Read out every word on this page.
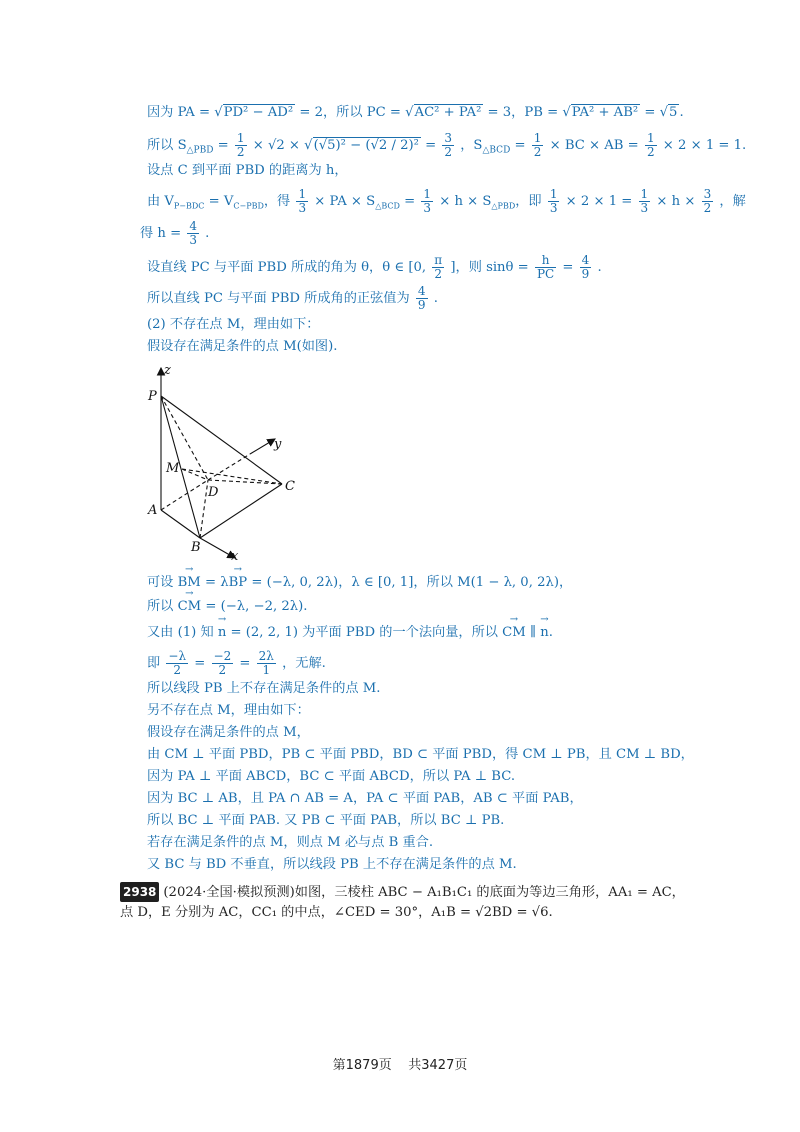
因为 PA = √PD² − AD² = 2，所以 PC = √AC² + PA² = 3，PB = √PA² + AB² = √5 .
所以 $S_{\triangle PBD} = \frac{1}{2} \times √2 \times √(√5)^2 - (√2 / 2)^2 = \frac{3}{2}$ ，$S_{\triangle BCD} = \frac{1}{2}$ × BC × AB = $\frac{1}{2} \times 2 \times 1 = 1$.
设点 C 到平面 PBD 的距离为 h，
由 $V_{P-BDC} = V_{C-PBD}$，得 $\frac{1}{3}$ × PA × $S_{\triangle BCD} = \frac{1}{3} \times h \times S_{\triangle PBD}$，即 $\frac{1}{3} \times 2 \times 1 = \frac{1}{3} \times h \times \frac{3}{2}$ ，解
得 $h = \frac{4}{3}$ .
设直线 PC 与平面 PBD 所成的角为 θ，θ ∈ [0, $\frac{\pi}{2}$ ]，则 $\sin\theta = \frac{h}{PC} = \frac{4}{9}$ .
所以直线 PC 与平面 PBD 所成角的正弦值为 $\frac{4}{9}$ .
(2) 不存在点 M，理由如下：
假设存在满足条件的点 M(如图).
z
P
y
M
D	C
A
B
x
可设 → BM = λ→ BP = (−λ, 0, 2λ)，λ ∈ [0, 1]，所以 M(1 − λ, 0, 2λ)，
所以 → CM = (−λ, −2, 2λ).
又由 (1) 知 → n = (2, 2, 1) 为平面 PBD 的一个法向量，所以 → CM ∥ → n.
即 $\frac{-\lambda}{2} = \frac{-2}{2} = \frac{2\lambda}{1}$ ，无解.
所以线段 PB 上不存在满足条件的点 M.
另不存在点 M，理由如下：
假设存在满足条件的点 M，
由 CM ⊥ 平面 PBD，PB ⊂ 平面 PBD，BD ⊂ 平面 PBD，得 CM ⊥ PB，且 CM ⊥ BD，
因为 PA ⊥ 平面 ABCD，BC ⊂ 平面 ABCD，所以 PA ⊥ BC.
因为 BC ⊥ AB，且 PA ∩ AB = A，PA ⊂ 平面 PAB，AB ⊂ 平面 PAB，
所以 BC ⊥ 平面 PAB. 又 PB ⊂ 平面 PAB，所以 BC ⊥ PB.
若存在满足条件的点 M，则点 M 必与点 B 重合.
又 BC 与 BD 不垂直，所以线段 PB 上不存在满足条件的点 M.
2938 (2024·全国·模拟预测)如图，三棱柱 ABC − A₁B₁C₁ 的底面为等边三角形，AA₁ = AC，
点 D，E 分别为 AC，CC₁ 的中点，∠CED = 30°，A₁B = √2BD = √6.
第1879页 共3427页
